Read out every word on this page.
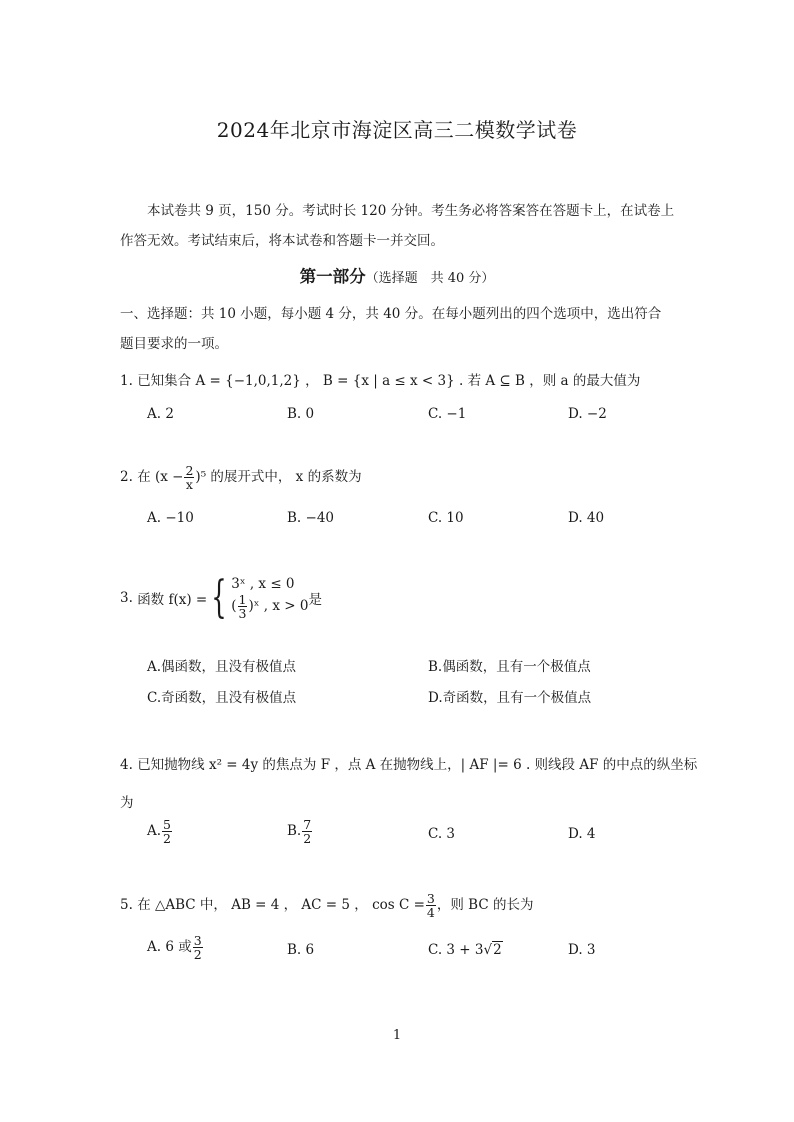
2024年北京市海淀区高三二模数学试卷
本试卷共 9 页，150 分。考试时长 120 分钟。考生务必将答案答在答题卡上，在试卷上
作答无效。考试结束后，将本试卷和答题卡一并交回。
第一部分（选择题　共 40 分）
一、选择题：共 10 小题，每小题 4 分，共 40 分。在每小题列出的四个选项中，选出符合
题目要求的一项。
1. 已知集合 A = {−1,0,1,2} ， B = {x | a ≤ x < 3} . 若 A ⊆ B ，则 a 的最大值为
A. 2	B. 0	C. −1	D. −2
2. 在 $(x - \frac{2}{x} )^5$ 的展开式中， x 的系数为
A. −10	B. −40	C. 10	D. 40
3.
函数 f(x) = { 3ˣ , x ≤ 0
( $\frac{1}{3}$ )ˣ , x > 0 是
A.偶函数，且没有极值点	B.偶函数，且有一个极值点
C.奇函数，且没有极值点	D.奇函数，且有一个极值点
4. 已知抛物线 x² = 4y 的焦点为 F ，点 A 在抛物线上，| AF |= 6 . 则线段 AF 的中点的纵坐标
为
A. $\frac{5}{2}$	B. $\frac{7}{2}$	C. 3	D. 4
5. 在 △ABC 中， AB = 4 ， AC = 5 ， $\cos C = \frac{3}{4}$ ，则 BC 的长为
A. 6 或 $\frac{3}{2}$	B. 6	C. 3 + 3√2	D. 3
1
